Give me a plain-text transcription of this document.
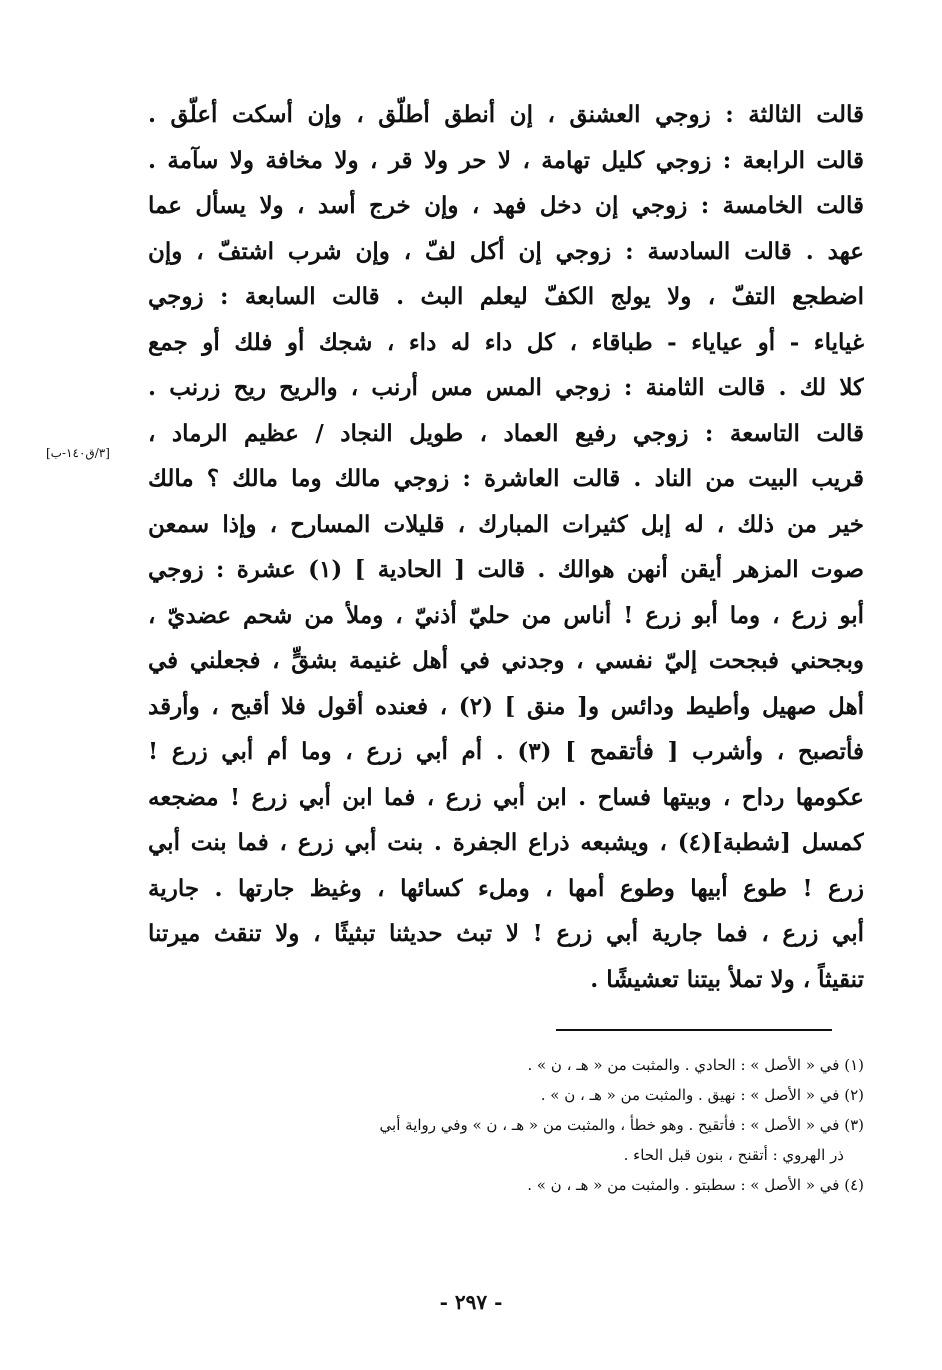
قالت الثالثة : زوجي العشنق ، إن أنطق أطلّق ، وإن أسكت أعلّق .
قالت الرابعة : زوجي كليل تهامة ، لا حر ولا قر ، ولا مخافة ولا سآمة .
قالت الخامسة : زوجي إن دخل فهد ، وإن خرج أسد ، ولا يسأل عما
عهد . قالت السادسة : زوجي إن أكل لفّ ، وإن شرب اشتفّ ، وإن
اضطجع التفّ ، ولا يولج الكفّ ليعلم البث . قالت السابعة : زوجي
غياياء - أو عياياء - طباقاء ، كل داء له داء ، شجك أو فلك أو جمع
كلا لك . قالت الثامنة : زوجي المس مس أرنب ، والريح ريح زرنب .
قالت التاسعة : زوجي رفيع العماد ، طويل النجاد / عظيم الرماد ،
قريب البيت من الناد . قالت العاشرة : زوجي مالك وما مالك ؟ مالك
خير من ذلك ، له إبل كثيرات المبارك ، قليلات المسارح ، وإذا سمعن
صوت المزهر أيقن أنهن هوالك . قالت [ الحادية ] (١) عشرة : زوجي
أبو زرع ، وما أبو زرع ! أناس من حليّ أذنيّ ، وملأ من شحم عضديّ ،
وبجحني فبجحت إليّ نفسي ، وجدني في أهل غنيمة بشقٍّ ، فجعلني في
أهل صهيل وأطيط ودائس و[ منق ] (٢) ، فعنده أقول فلا أقبح ، وأرقد
فأتصبح ، وأشرب [ فأتقمح ] (٣) . أم أبي زرع ، وما أم أبي زرع !
عكومها رداح ، وبيتها فساح . ابن أبي زرع ، فما ابن أبي زرع ! مضجعه
كمسل [شطبة](٤) ، ويشبعه ذراع الجفرة . بنت أبي زرع ، فما بنت أبي
زرع ! طوع أبيها وطوع أمها ، وملء كسائها ، وغيظ جارتها . جارية
أبي زرع ، فما جارية أبي زرع ! لا تبث حديثنا تبثيثًا ، ولا تنقث ميرتنا
تنقيثاً ، ولا تملأ بيتنا تعشيشًا .
[٣/ق١٤٠-ب]
(١) في « الأصل » : الحادي . والمثبت من « هـ ، ن » .
(٢) في « الأصل » : نهيق . والمثبت من « هـ ، ن » .
(٣) في « الأصل » : فأتقيح . وهو خطأ ، والمثبت من « هـ ، ن » وفي رواية أبي
ذر الهروي : أتقنح ، بنون قبل الحاء .
(٤) في « الأصل » : سطبتو . والمثبت من « هـ ، ن » .
- ٢٩٧ -
